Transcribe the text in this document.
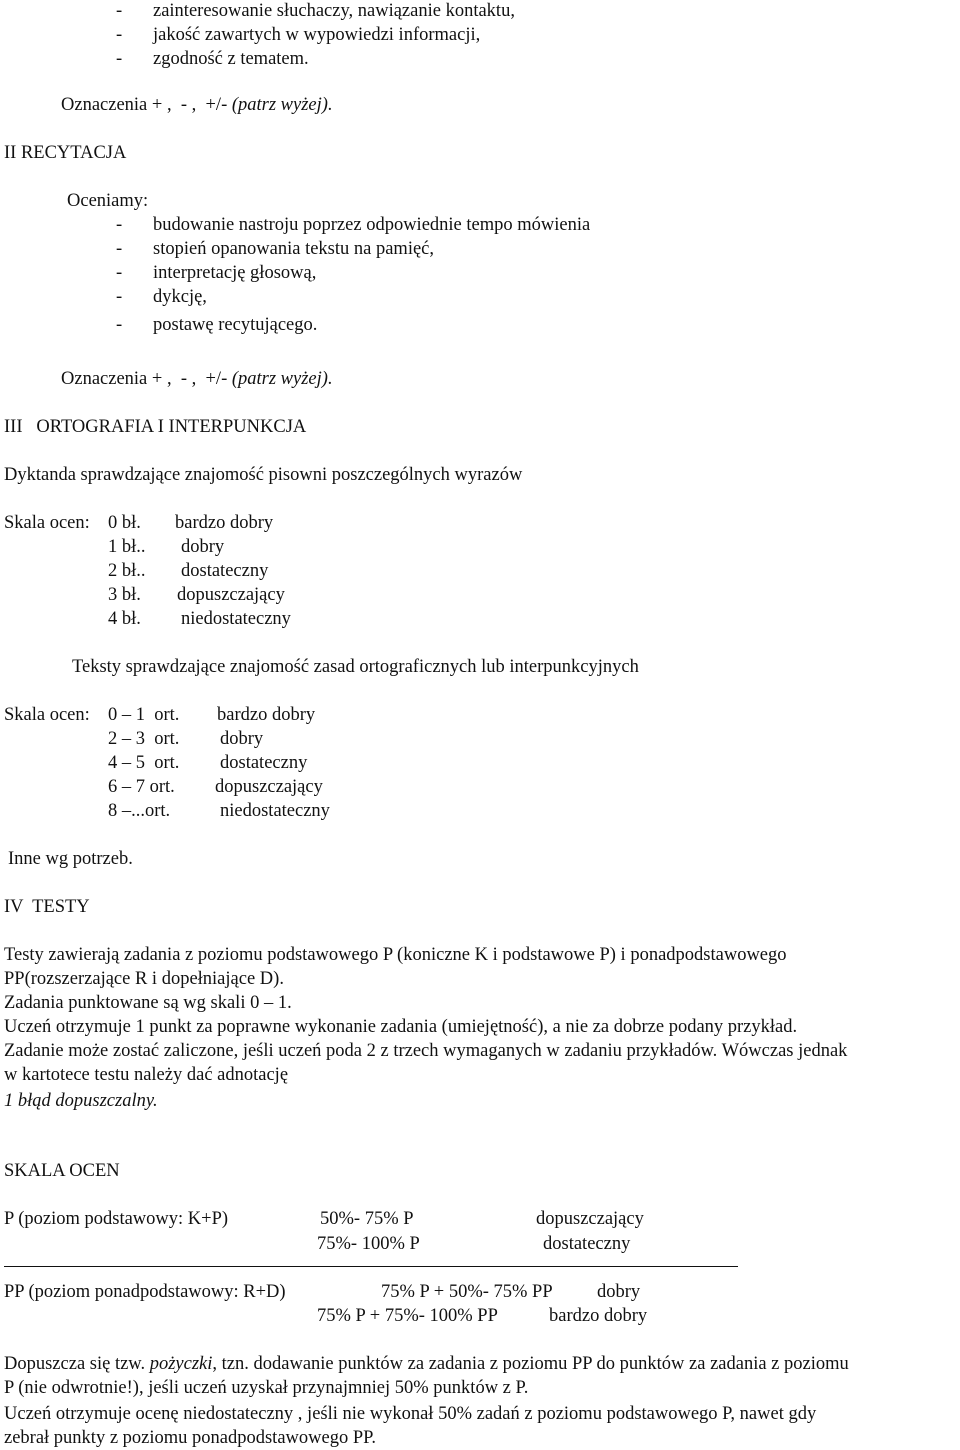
- zainteresowanie słuchaczy, nawiązanie kontaktu,
- jakość zawartych w wypowiedzi informacji,
- zgodność z tematem.
Oznaczenia + ,  - ,  +/- (patrz wyżej).
II RECYTACJA
Oceniamy:
- budowanie nastroju poprzez odpowiednie tempo mówienia
- stopień opanowania tekstu na pamięć,
- interpretację głosową,
- dykcję,
- postawę recytującego.
Oznaczenia + ,  - ,  +/- (patrz wyżej).
III   ORTOGRAFIA I INTERPUNKCJA
Dyktanda sprawdzające znajomość pisowni poszczególnych wyrazów
Skala ocen: 0 bł. bardzo dobry
1 bł.. dobry
2 bł.. dostateczny
3 bł. dopuszczający
4 bł. niedostateczny
Teksty sprawdzające znajomość zasad ortograficznych lub interpunkcyjnych
Skala ocen: 0 – 1  ort. bardzo dobry
2 – 3  ort. dobry
4 – 5  ort. dostateczny
6 – 7 ort. dopuszczający
8 –...ort.	niedostateczny
Inne wg potrzeb.
IV  TESTY
Testy zawierają zadania z poziomu podstawowego P (koniczne K i podstawowe P) i ponadpodstawowego
PP(rozszerzające R i dopełniające D).
Zadania punktowane są wg skali 0 – 1.
Uczeń otrzymuje 1 punkt za poprawne wykonanie zadania (umiejętność), a nie za dobrze podany przykład.
Zadanie może zostać zaliczone, jeśli uczeń poda 2 z trzech wymaganych w zadaniu przykładów. Wówczas jednak
w kartotece testu należy dać adnotację
1 błąd dopuszczalny.
SKALA OCEN
P (poziom podstawowy: K+P)	50%- 75% P	dopuszczający
75%- 100% P	dostateczny
PP (poziom ponadpodstawowy: R+D)	75% P + 50%- 75% PP dobry
75% P + 75%- 100% PP	bardzo dobry
Dopuszcza się tzw. pożyczki, tzn. dodawanie punktów za zadania z poziomu PP do punktów za zadania z poziomu
P (nie odwrotnie!), jeśli uczeń uzyskał przynajmniej 50% punktów z P.
Uczeń otrzymuje ocenę niedostateczny , jeśli nie wykonał 50% zadań z poziomu podstawowego P, nawet gdy
zebrał punkty z poziomu ponadpodstawowego PP.
